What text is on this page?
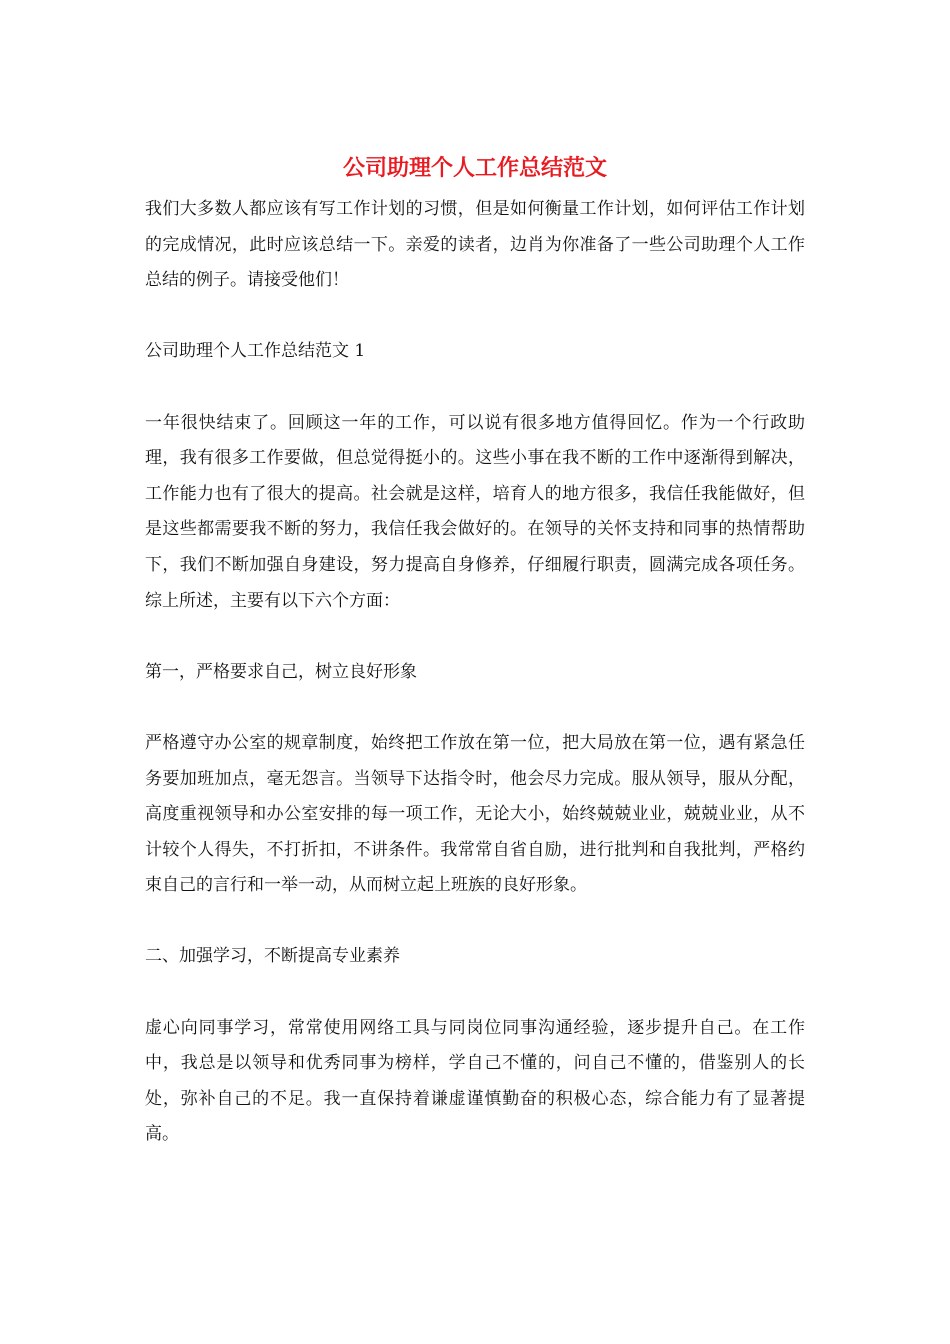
公司助理个人工作总结范文

我们大多数人都应该有写工作计划的习惯，但是如何衡量工作计划，如何评估工作计划的完成情况，此时应该总结一下。亲爱的读者，边肖为你准备了一些公司助理个人工作总结的例子。请接受他们！

公司助理个人工作总结范文 1

一年很快结束了。回顾这一年的工作，可以说有很多地方值得回忆。作为一个行政助理，我有很多工作要做，但总觉得挺小的。这些小事在我不断的工作中逐渐得到解决，工作能力也有了很大的提高。社会就是这样，培育人的地方很多，我信任我能做好，但是这些都需要我不断的努力，我信任我会做好的。在领导的关怀支持和同事的热情帮助下，我们不断加强自身建设，努力提高自身修养，仔细履行职责，圆满完成各项任务。综上所述，主要有以下六个方面：

第一，严格要求自己，树立良好形象

严格遵守办公室的规章制度，始终把工作放在第一位，把大局放在第一位，遇有紧急任务要加班加点，毫无怨言。当领导下达指令时，他会尽力完成。服从领导，服从分配，高度重视领导和办公室安排的每一项工作，无论大小，始终兢兢业业，兢兢业业，从不计较个人得失，不打折扣，不讲条件。我常常自省自励，进行批判和自我批判，严格约束自己的言行和一举一动，从而树立起上班族的良好形象。

二、加强学习，不断提高专业素养

虚心向同事学习，常常使用网络工具与同岗位同事沟通经验，逐步提升自己。在工作中，我总是以领导和优秀同事为榜样，学自己不懂的，问自己不懂的，借鉴别人的长处，弥补自己的不足。我一直保持着谦虚谨慎勤奋的积极心态，综合能力有了显著提高。
